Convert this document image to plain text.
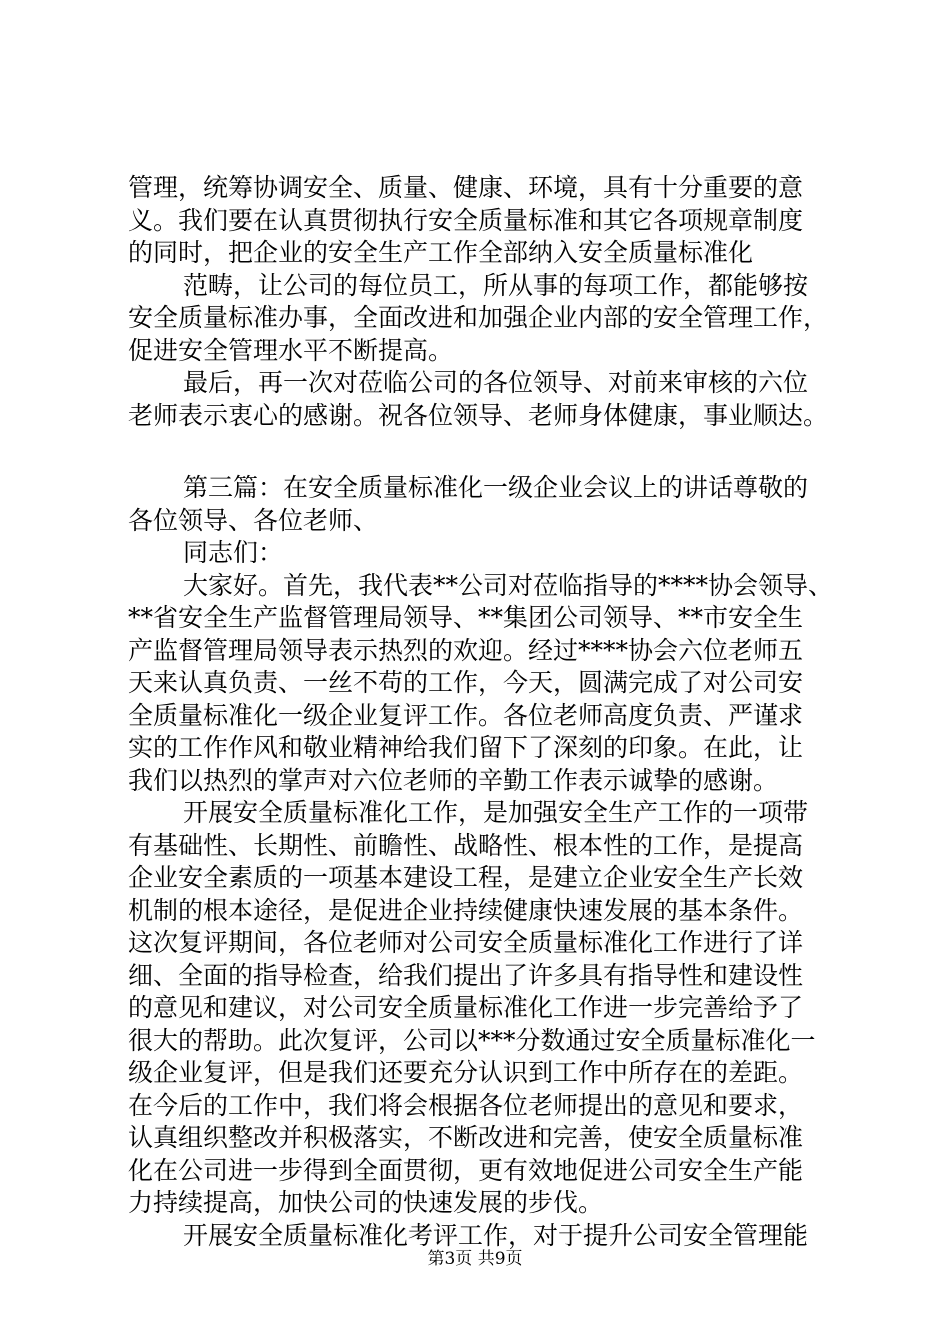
管理，统筹协调安全、质量、健康、环境，具有十分重要的意
义。我们要在认真贯彻执行安全质量标准和其它各项规章制度
的同时，把企业的安全生产工作全部纳入安全质量标准化
范畴，让公司的每位员工，所从事的每项工作，都能够按
安全质量标准办事，全面改进和加强企业内部的安全管理工作，
促进安全管理水平不断提高。
最后，再一次对莅临公司的各位领导、对前来审核的六位
老师表示衷心的感谢。祝各位领导、老师身体健康，事业顺达。
第三篇：在安全质量标准化一级企业会议上的讲话尊敬的
各位领导、各位老师、
同志们：
大家好。首先，我代表**公司对莅临指导的****协会领导、
**省安全生产监督管理局领导、**集团公司领导、**市安全生
产监督管理局领导表示热烈的欢迎。经过****协会六位老师五
天来认真负责、一丝不苟的工作，今天，圆满完成了对公司安
全质量标准化一级企业复评工作。各位老师高度负责、严谨求
实的工作作风和敬业精神给我们留下了深刻的印象。在此，让
我们以热烈的掌声对六位老师的辛勤工作表示诚挚的感谢。
开展安全质量标准化工作，是加强安全生产工作的一项带
有基础性、长期性、前瞻性、战略性、根本性的工作，是提高
企业安全素质的一项基本建设工程，是建立企业安全生产长效
机制的根本途径，是促进企业持续健康快速发展的基本条件。
这次复评期间，各位老师对公司安全质量标准化工作进行了详
细、全面的指导检查，给我们提出了许多具有指导性和建设性
的意见和建议，对公司安全质量标准化工作进一步完善给予了
很大的帮助。此次复评，公司以***分数通过安全质量标准化一
级企业复评，但是我们还要充分认识到工作中所存在的差距。
在今后的工作中，我们将会根据各位老师提出的意见和要求，
认真组织整改并积极落实，不断改进和完善，使安全质量标准
化在公司进一步得到全面贯彻，更有效地促进公司安全生产能
力持续提高，加快公司的快速发展的步伐。
开展安全质量标准化考评工作，对于提升公司安全管理能
第3页 共9页
